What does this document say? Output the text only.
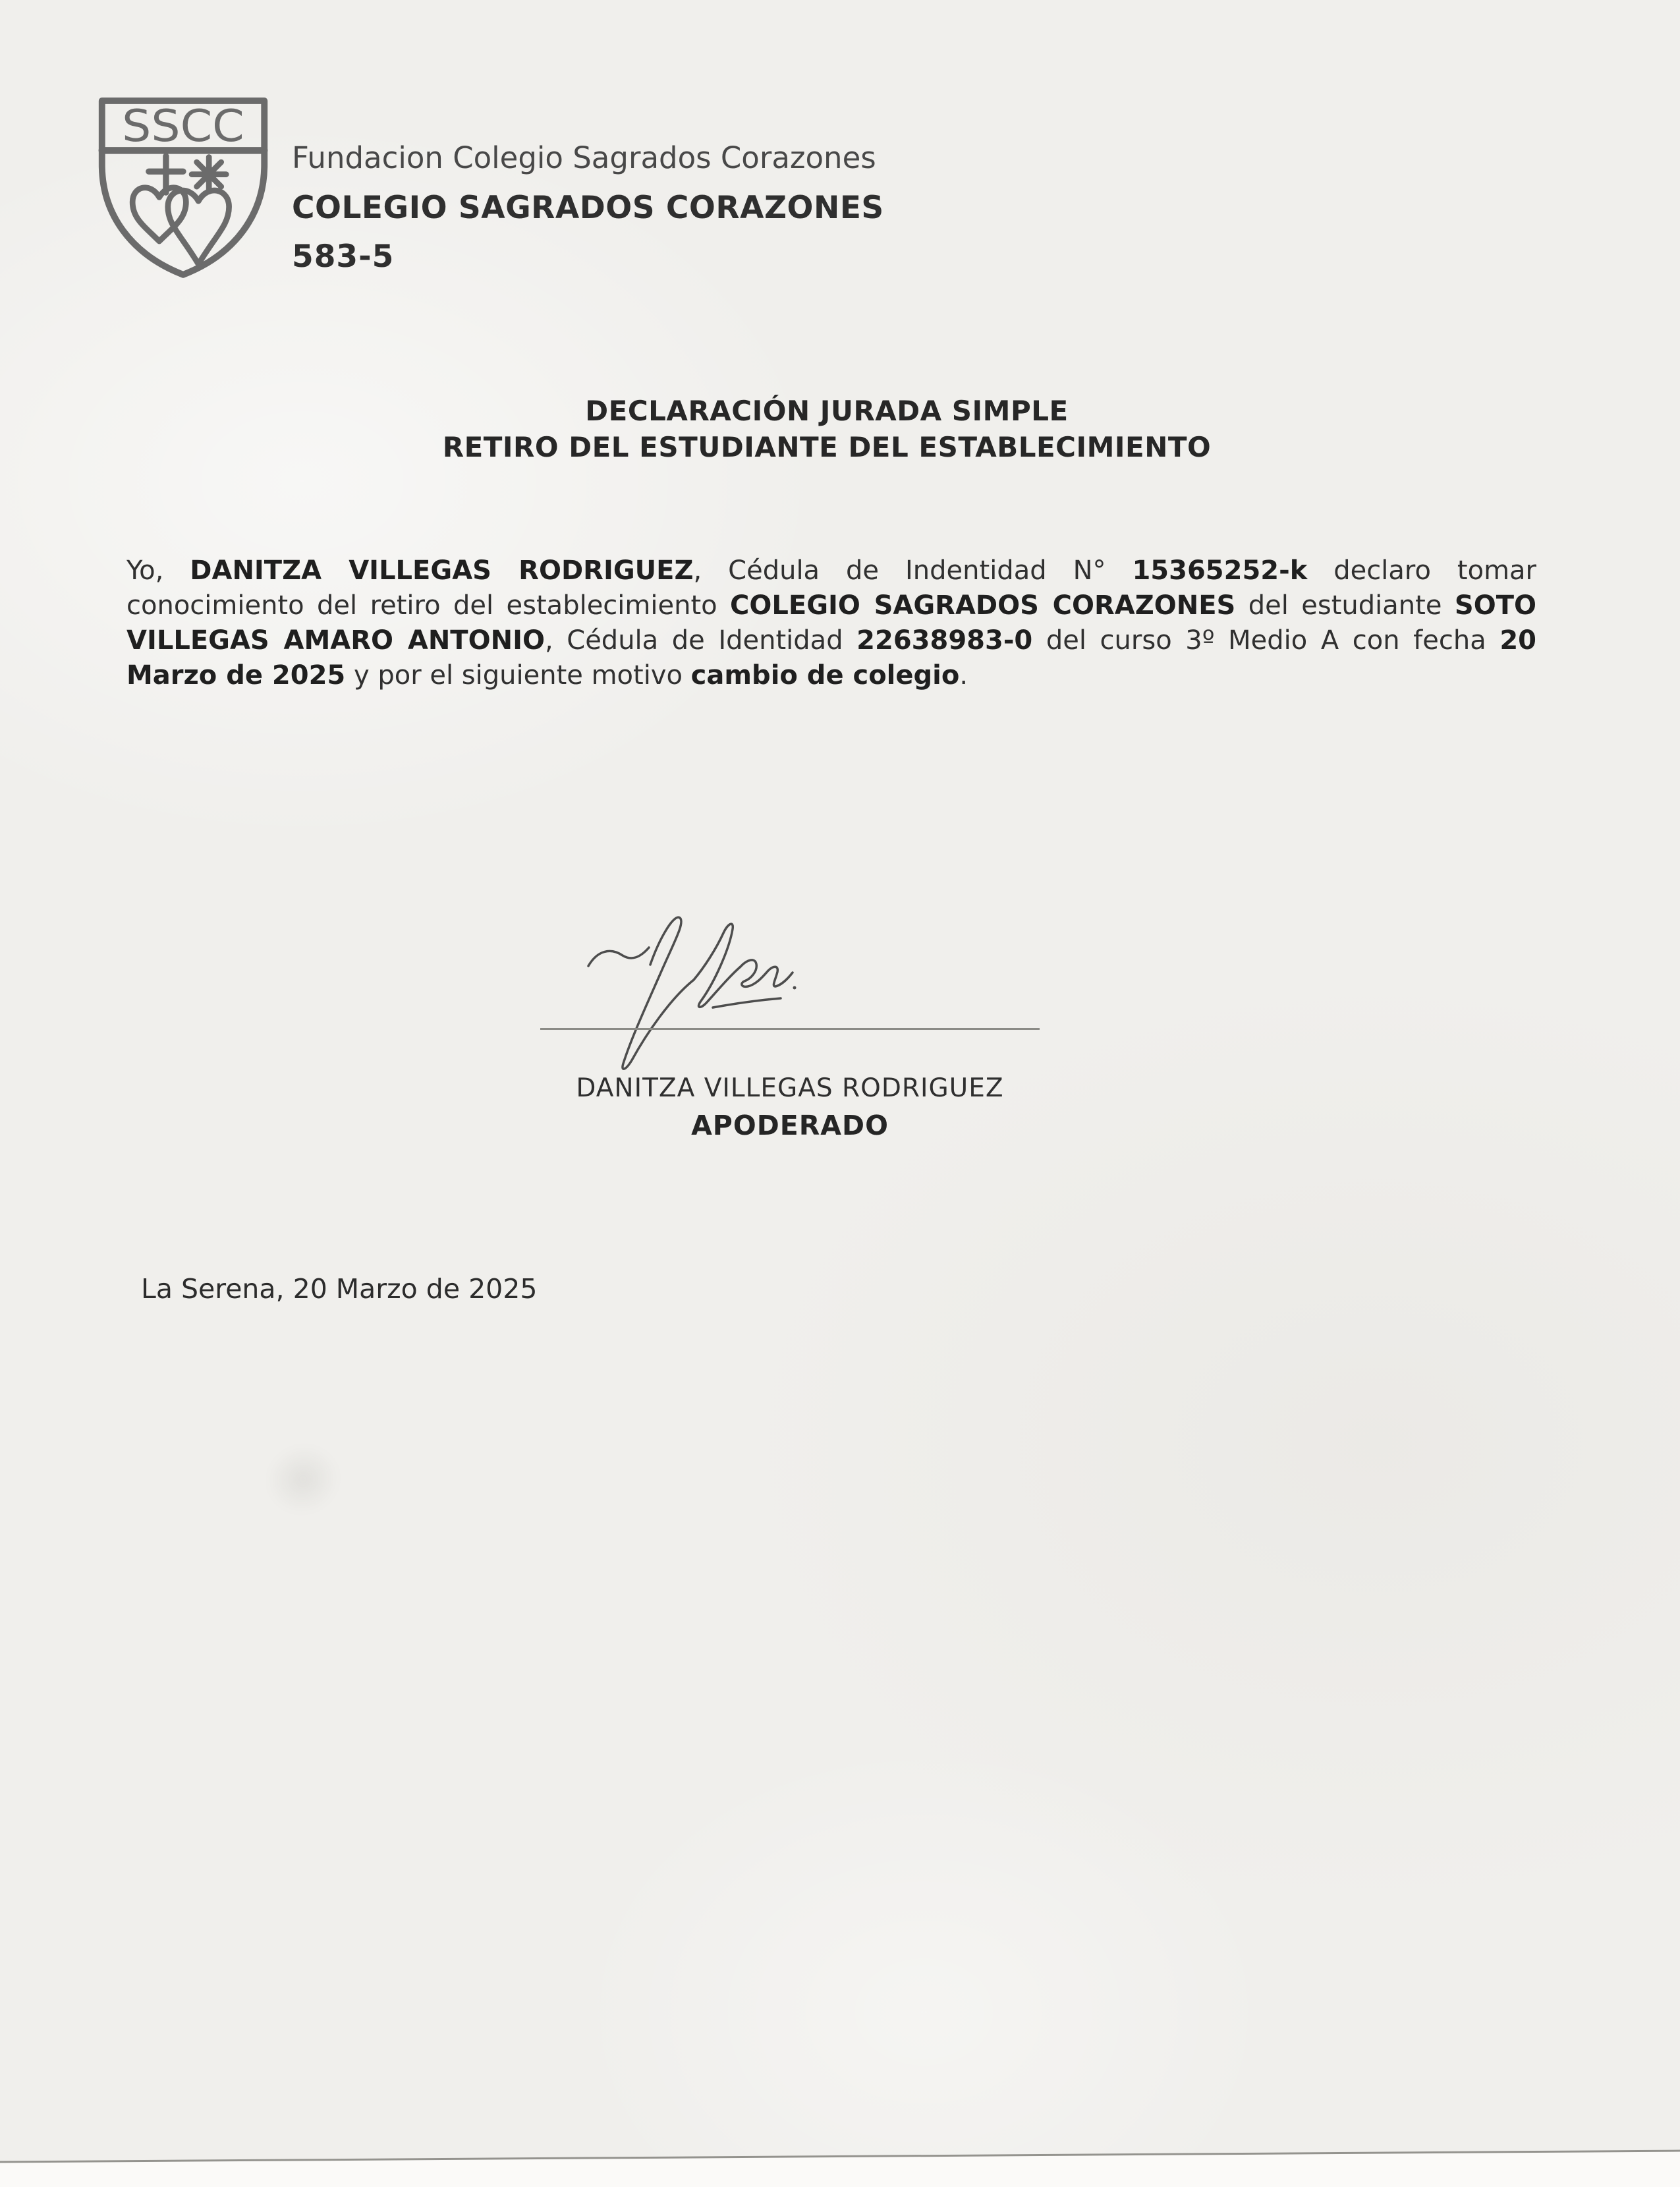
SSCC
Fundacion Colegio Sagrados Corazones
COLEGIO SAGRADOS CORAZONES
583-5
DECLARACIÓN JURADA SIMPLE
RETIRO DEL ESTUDIANTE DEL ESTABLECIMIENTO

Yo, DANITZA VILLEGAS RODRIGUEZ, Cédula de Indentidad N° 15365252-k declaro tomar conocimiento del retiro del establecimiento COLEGIO SAGRADOS CORAZONES del estudiante SOTO VILLEGAS AMARO ANTONIO, Cédula de Identidad 22638983-0 del curso 3º Medio A con fecha 20 Marzo de 2025 y por el siguiente motivo cambio de colegio.

DANITZA VILLEGAS RODRIGUEZ
APODERADO
La Serena, 20 Marzo de 2025
